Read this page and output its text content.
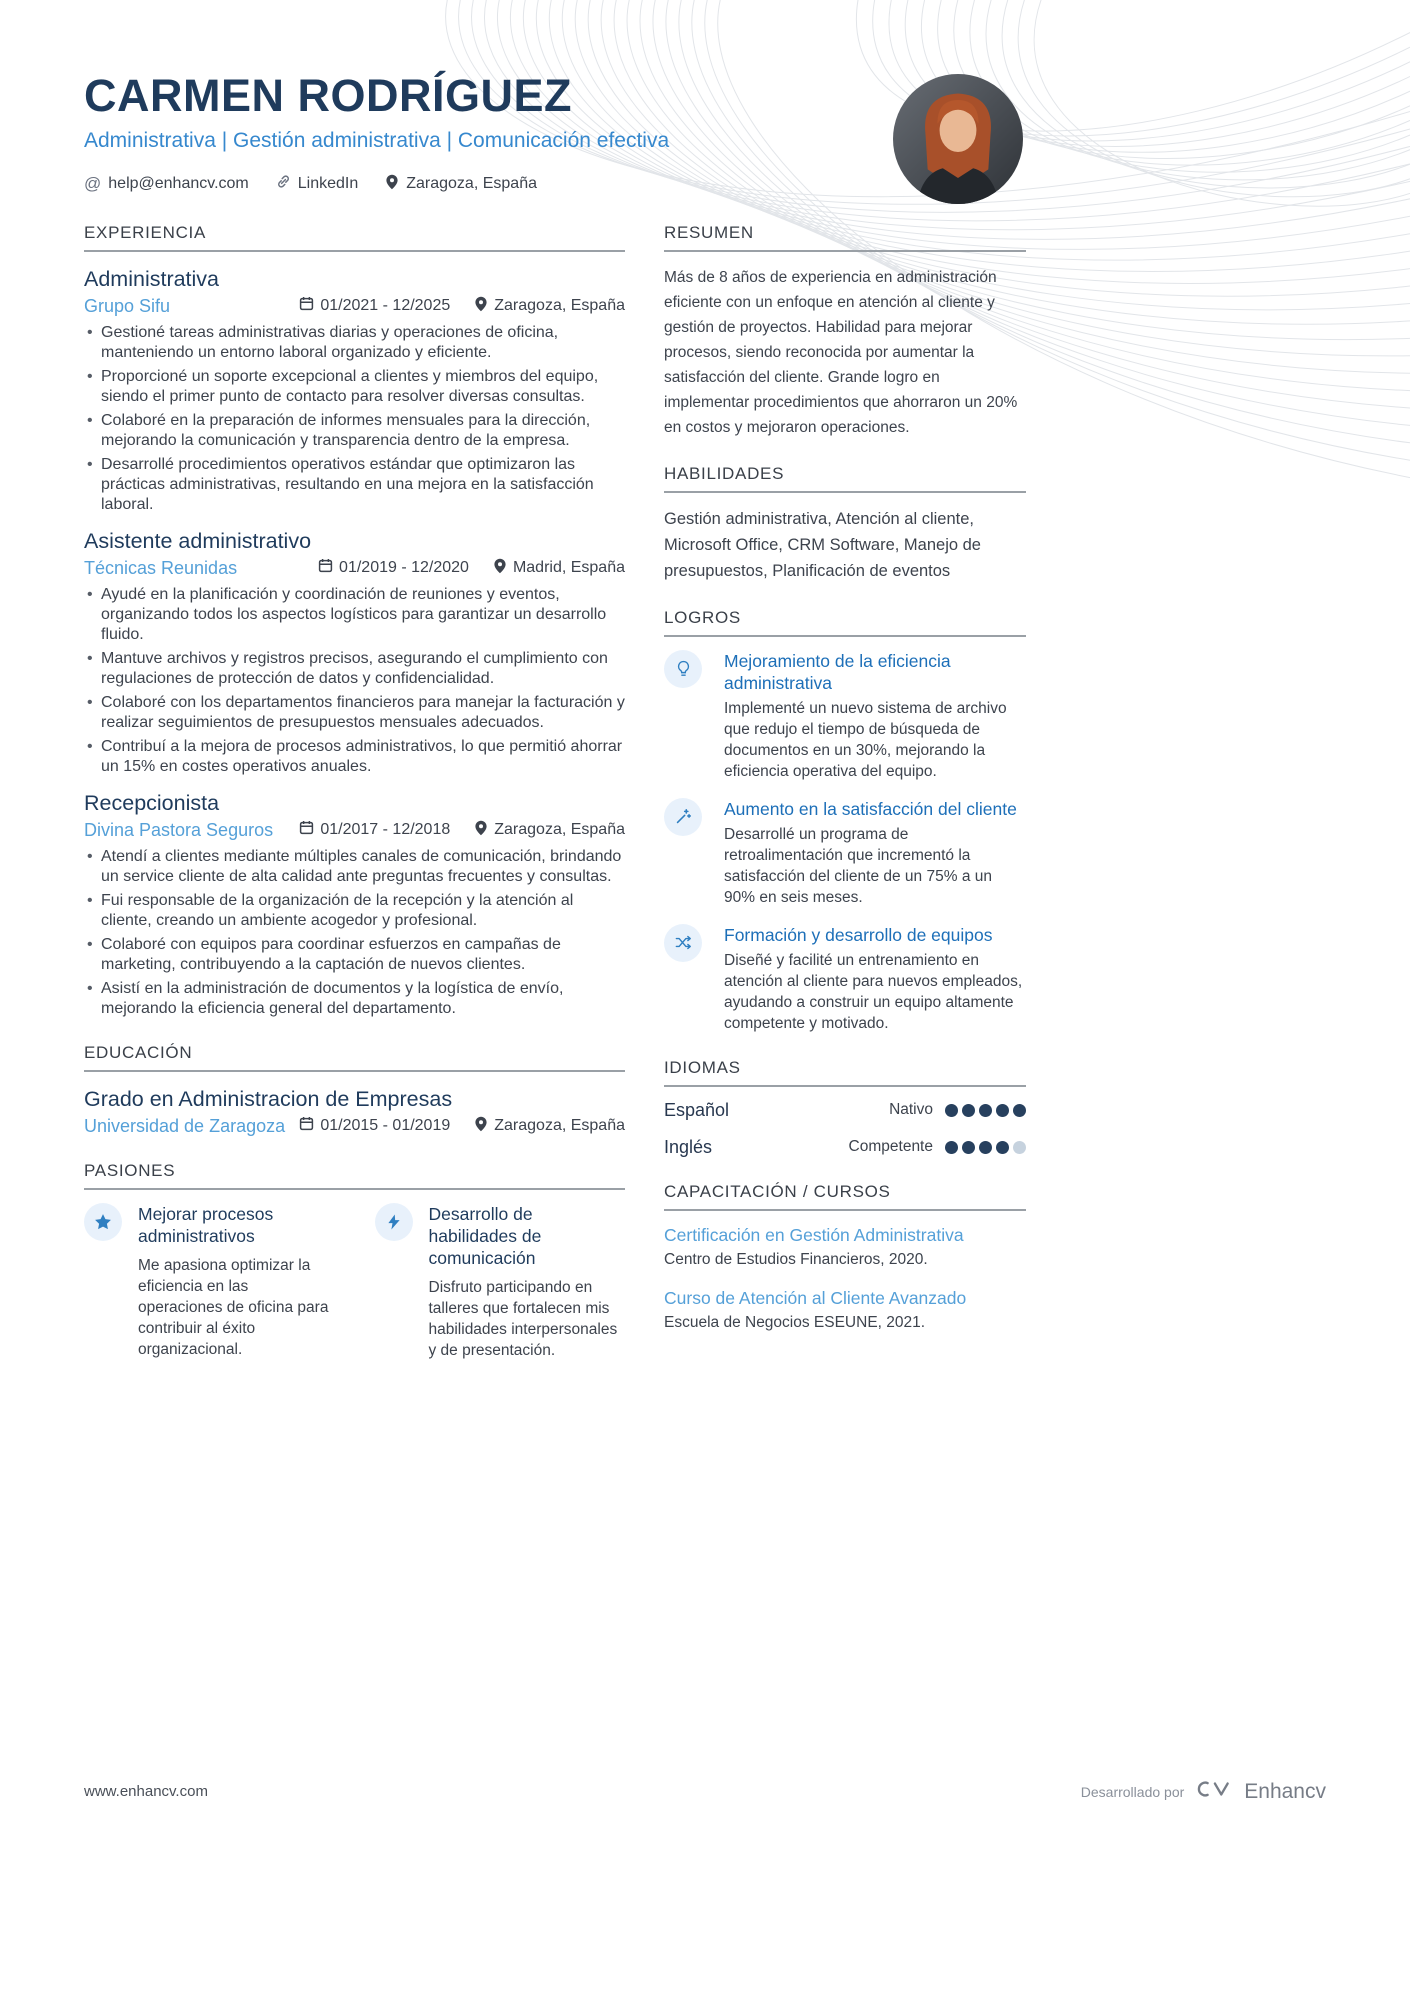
CARMEN RODRÍGUEZ
Administrativa | Gestión administrativa | Comunicación efectiva
@ help@enhancv.com	LinkedIn	Zaragoza, España
EXPERIENCIA
Administrativa
Grupo Sifu	01/2021 - 12/2025	Zaragoza, España
• Gestioné tareas administrativas diarias y operaciones de oficina, manteniendo un entorno laboral organizado y eficiente.
• Proporcioné un soporte excepcional a clientes y miembros del equipo, siendo el primer punto de contacto para resolver diversas consultas.
• Colaboré en la preparación de informes mensuales para la dirección, mejorando la comunicación y transparencia dentro de la empresa.
• Desarrollé procedimientos operativos estándar que optimizaron las prácticas administrativas, resultando en una mejora en la satisfacción laboral.
Asistente administrativo
Técnicas Reunidas	01/2019 - 12/2020	Madrid, España
• Ayudé en la planificación y coordinación de reuniones y eventos, organizando todos los aspectos logísticos para garantizar un desarrollo fluido.
• Mantuve archivos y registros precisos, asegurando el cumplimiento con regulaciones de protección de datos y confidencialidad.
• Colaboré con los departamentos financieros para manejar la facturación y realizar seguimientos de presupuestos mensuales adecuados.
• Contribuí a la mejora de procesos administrativos, lo que permitió ahorrar un 15% en costes operativos anuales.
Recepcionista
Divina Pastora Seguros	01/2017 - 12/2018	Zaragoza, España
• Atendí a clientes mediante múltiples canales de comunicación, brindando un service cliente de alta calidad ante preguntas frecuentes y consultas.
• Fui responsable de la organización de la recepción y la atención al cliente, creando un ambiente acogedor y profesional.
• Colaboré con equipos para coordinar esfuerzos en campañas de marketing, contribuyendo a la captación de nuevos clientes.
• Asistí en la administración de documentos y la logística de envío, mejorando la eficiencia general del departamento.
EDUCACIÓN
Grado en Administracion de Empresas
Universidad de Zaragoza	01/2015 - 01/2019	Zaragoza, España
PASIONES
Mejorar procesos administrativos
Me apasiona optimizar la eficiencia en las operaciones de oficina para contribuir al éxito organizacional.
Desarrollo de habilidades de comunicación
Disfruto participando en talleres que fortalecen mis habilidades interpersonales y de presentación.
RESUMEN

Más de 8 años de experiencia en administración eficiente con un enfoque en atención al cliente y gestión de proyectos. Habilidad para mejorar procesos, siendo reconocida por aumentar la satisfacción del cliente. Grande logro en implementar procedimientos que ahorraron un 20% en costos y mejoraron operaciones.

HABILIDADES

Gestión administrativa, Atención al cliente, Microsoft Office, CRM Software, Manejo de presupuestos, Planificación de eventos

LOGROS
Mejoramiento de la eficiencia administrativa
Implementé un nuevo sistema de archivo que redujo el tiempo de búsqueda de documentos en un 30%, mejorando la eficiencia operativa del equipo.
Aumento en la satisfacción del cliente
Desarrollé un programa de retroalimentación que incrementó la satisfacción del cliente de un 75% a un 90% en seis meses.
Formación y desarrollo de equipos
Diseñé y facilité un entrenamiento en atención al cliente para nuevos empleados, ayudando a construir un equipo altamente competente y motivado.
IDIOMAS
Español	Nativo
Inglés	Competente
CAPACITACIÓN / CURSOS
Certificación en Gestión Administrativa
Centro de Estudios Financieros, 2020.
Curso de Atención al Cliente Avanzado
Escuela de Negocios ESEUNE, 2021.
www.enhancv.com	Desarrollado por	Enhancv
